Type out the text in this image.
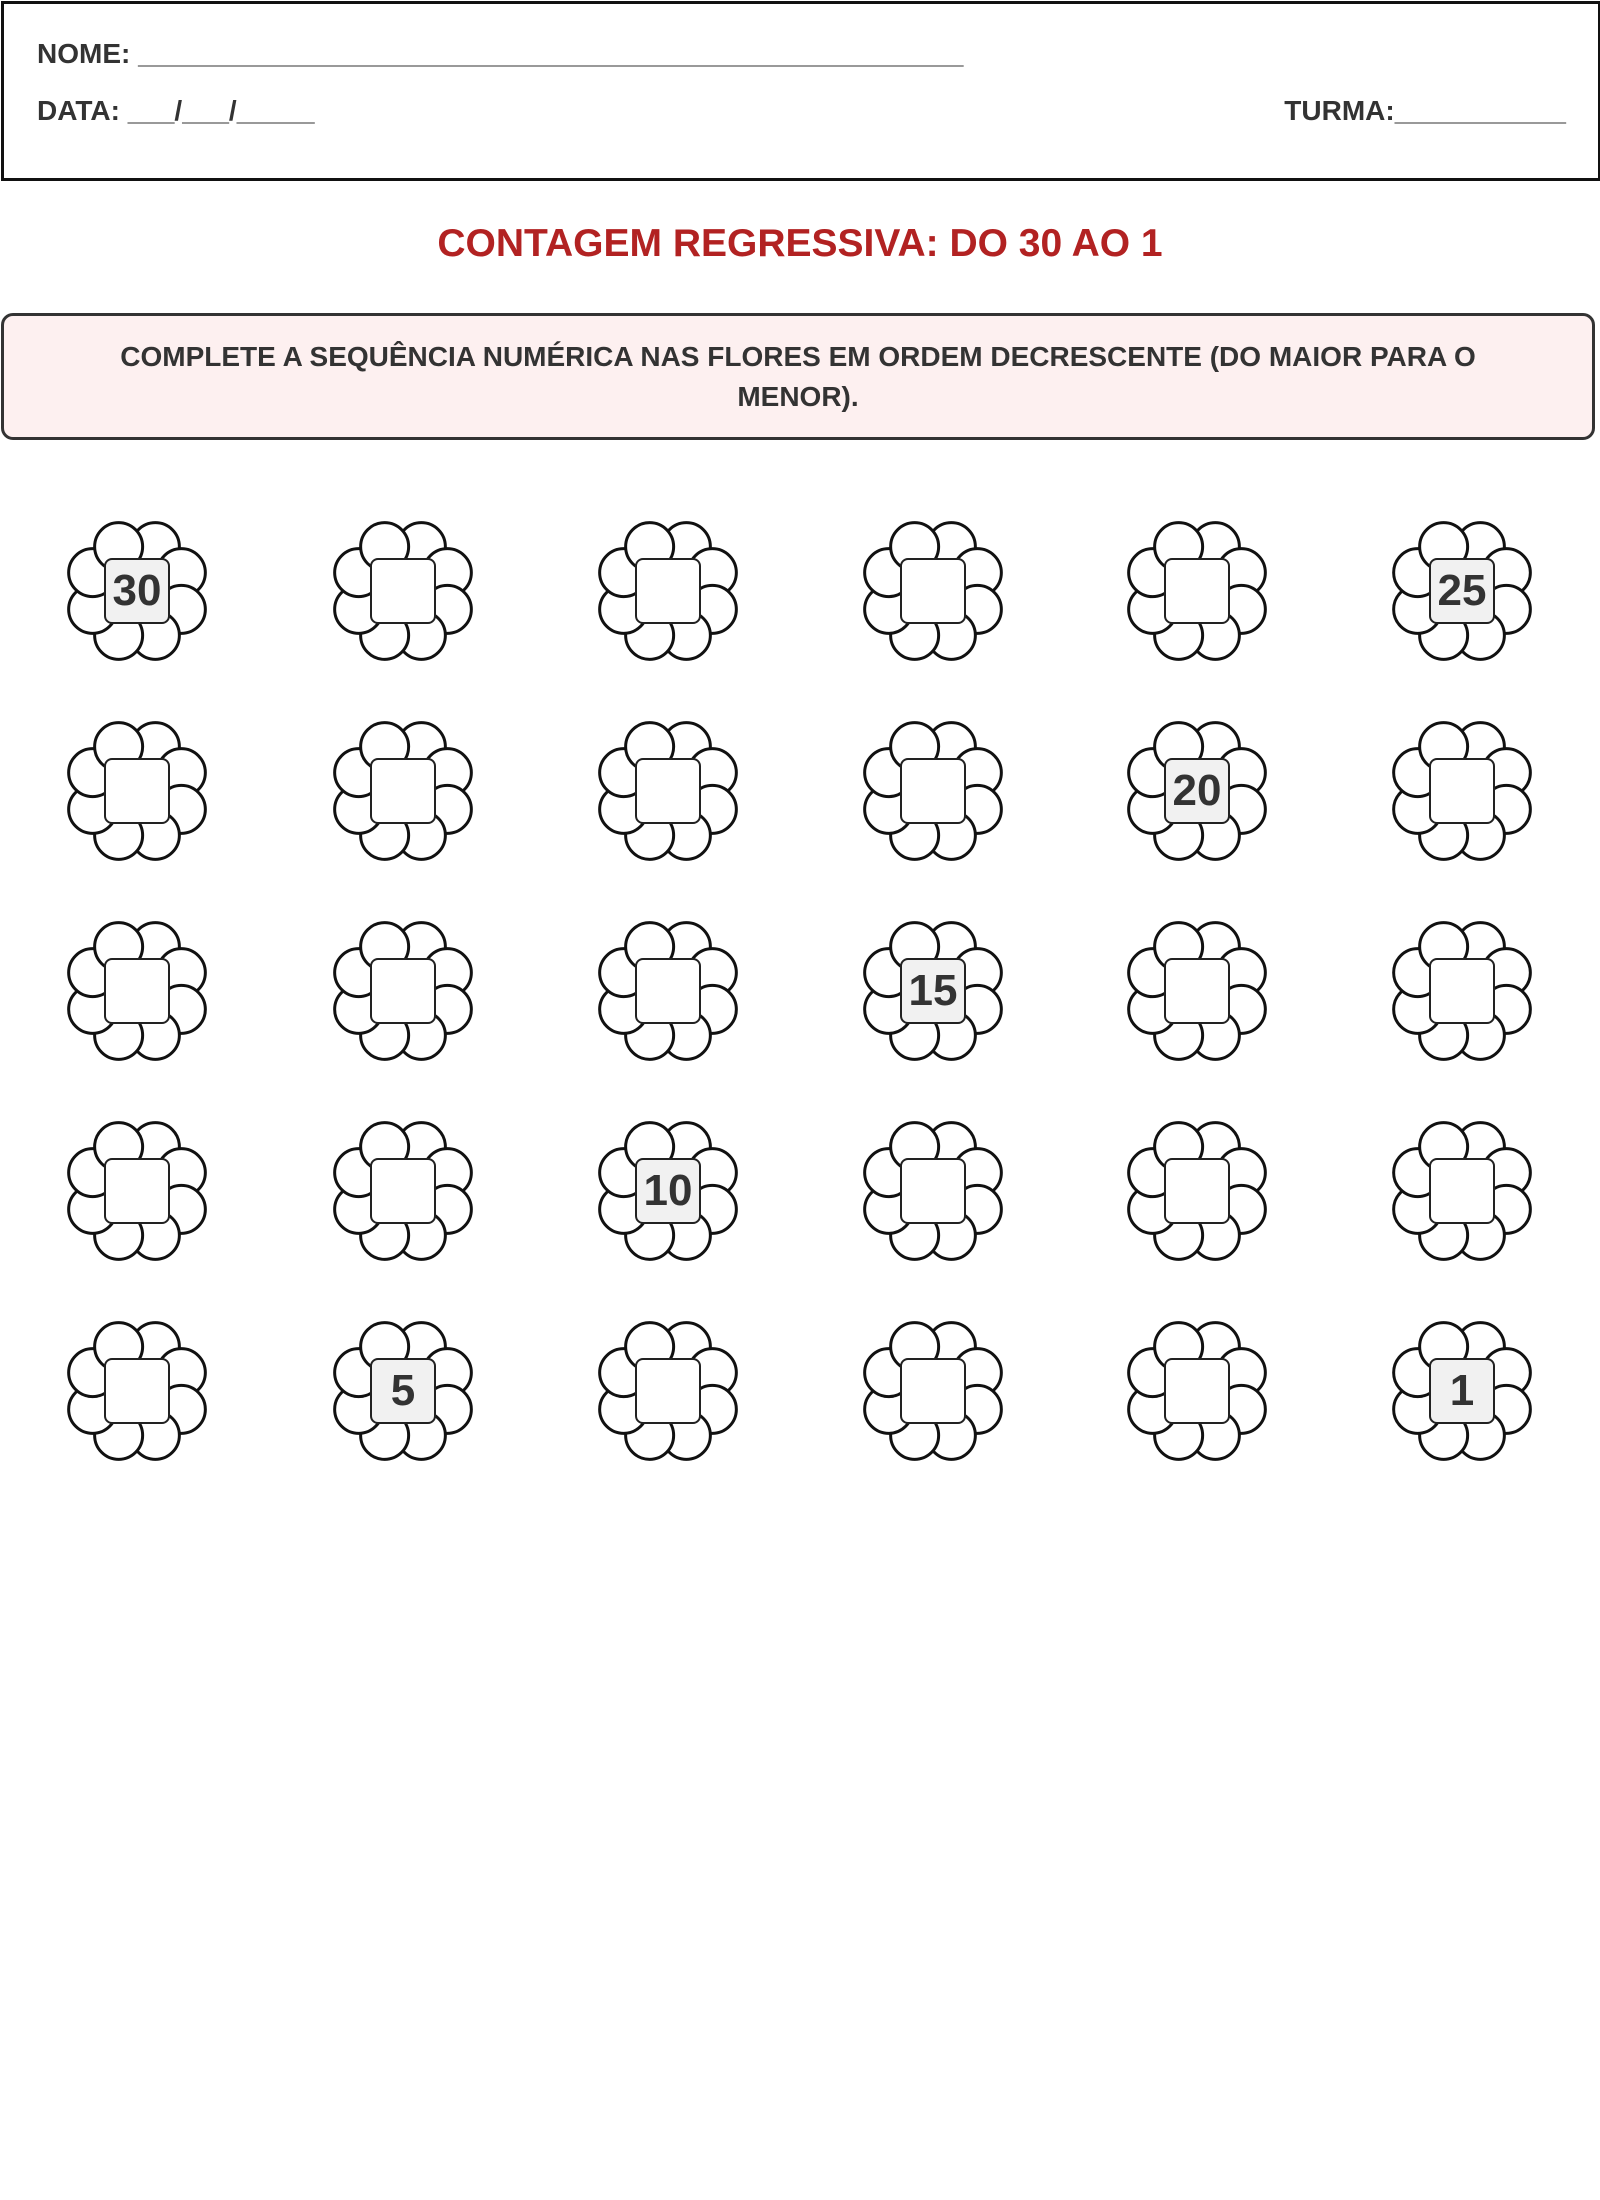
NOME: _____________________________________________________
DATA: ___/___/_____	TURMA:___________
CONTAGEM REGRESSIVA: DO 30 AO 1
COMPLETE A SEQUÊNCIA NUMÉRICA NAS FLORES EM ORDEM DECRESCENTE (DO MAIOR PARA O MENOR).
30	25
20
15
10
5	1
